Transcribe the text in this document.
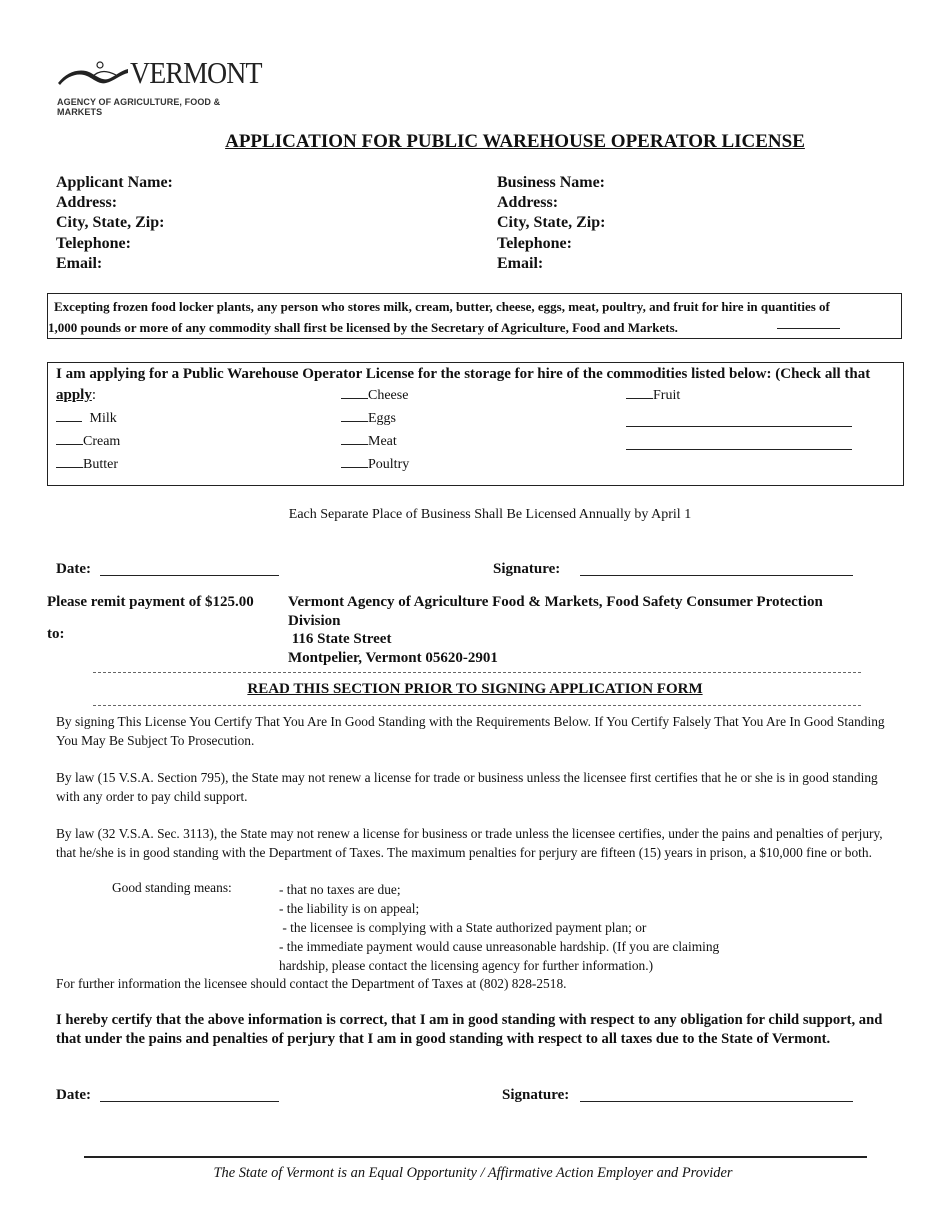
VERMONT
AGENCY OF AGRICULTURE, FOOD & MARKETS
APPLICATION FOR PUBLIC WAREHOUSE OPERATOR LICENSE
Applicant Name:
Address:
City, State, Zip:
Telephone:
Email:
Business Name:
Address:
City, State, Zip:
Telephone:
Email:
Excepting frozen food locker plants, any person who stores milk, cream, butter, cheese, eggs, meat, poultry, and fruit for hire in quantities of
1,000 pounds or more of any commodity shall first be licensed by the Secretary of Agriculture, Food and Markets.
I am applying for a Public Warehouse Operator License for the storage for hire of the commodities listed below: (Check all that
apply:
Milk
Cream
Butter
Cheese
Eggs
Meat
Poultry
Fruit
Each Separate Place of Business Shall Be Licensed Annually by April 1
Date:	Signature:
Please remit payment of $125.00
to:
Vermont Agency of Agriculture Food & Markets, Food Safety Consumer Protection
Division
116 State Street
Montpelier, Vermont 05620-2901
READ THIS SECTION PRIOR TO SIGNING APPLICATION FORM
By signing This License You Certify That You Are In Good Standing with the Requirements Below. If You Certify Falsely That You Are In Good Standing You May Be Subject To Prosecution.
By law (15 V.S.A. Section 795), the State may not renew a license for trade or business unless the licensee first certifies that he or she is in good standing with any order to pay child support.
By law (32 V.S.A. Sec. 3113), the State may not renew a license for business or trade unless the licensee certifies, under the pains and penalties of perjury, that he/she is in good standing with the Department of Taxes. The maximum penalties for perjury are fifteen (15) years in prison, a $10,000 fine or both.
Good standing means:	- that no taxes are due;
- the liability is on appeal;
- the licensee is complying with a State authorized payment plan; or
- the immediate payment would cause unreasonable hardship. (If you are claiming
hardship, please contact the licensing agency for further information.)
For further information the licensee should contact the Department of Taxes at (802) 828-2518.
I hereby certify that the above information is correct, that I am in good standing with respect to any obligation for child support, and that under the pains and penalties of perjury that I am in good standing with respect to all taxes due to the State of Vermont.
Date:	Signature:
The State of Vermont is an Equal Opportunity / Affirmative Action Employer and Provider
